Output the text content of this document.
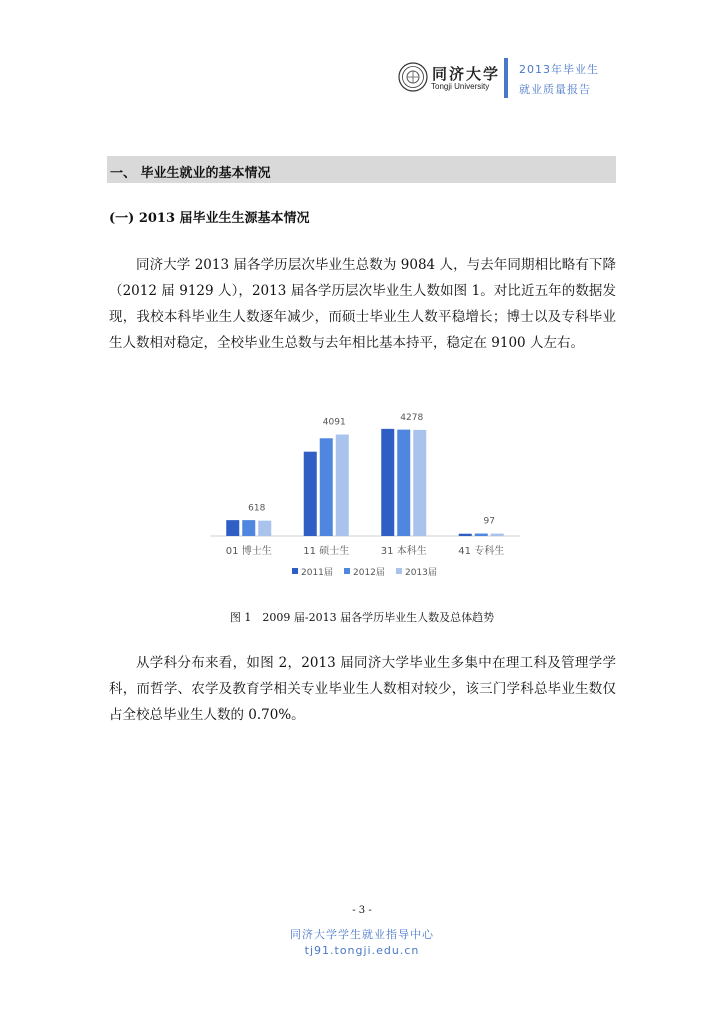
同济大学
Tongji University
2013年毕业生
就业质量报告
一、 毕业生就业的基本情况
(一) 2013 届毕业生生源基本情况

同济大学 2013 届各学历层次毕业生总数为 9084 人，与去年同期相比略有下降（2012 届 9129 人），2013 届各学历层次毕业生人数如图 1。对比近五年的数据发现，我校本科毕业生人数逐年减少，而硕士毕业生人数平稳增长；博士以及专科毕业生人数相对稳定，全校毕业生总数与去年相比基本持平，稳定在 9100 人左右。

01 博士生	11 硕士生	31 本科生	41 专科生
618
4091	4278
97
2011届 2012届 2013届
图 1　2009 届-2013 届各学历毕业生人数及总体趋势

从学科分布来看，如图 2，2013 届同济大学毕业生多集中在理工科及管理学学科，而哲学、农学及教育学相关专业毕业生人数相对较少，该三门学科总毕业生数仅占全校总毕业生人数的 0.70%。

- 3 -
同济大学学生就业指导中心
tj91.tongji.edu.cn
